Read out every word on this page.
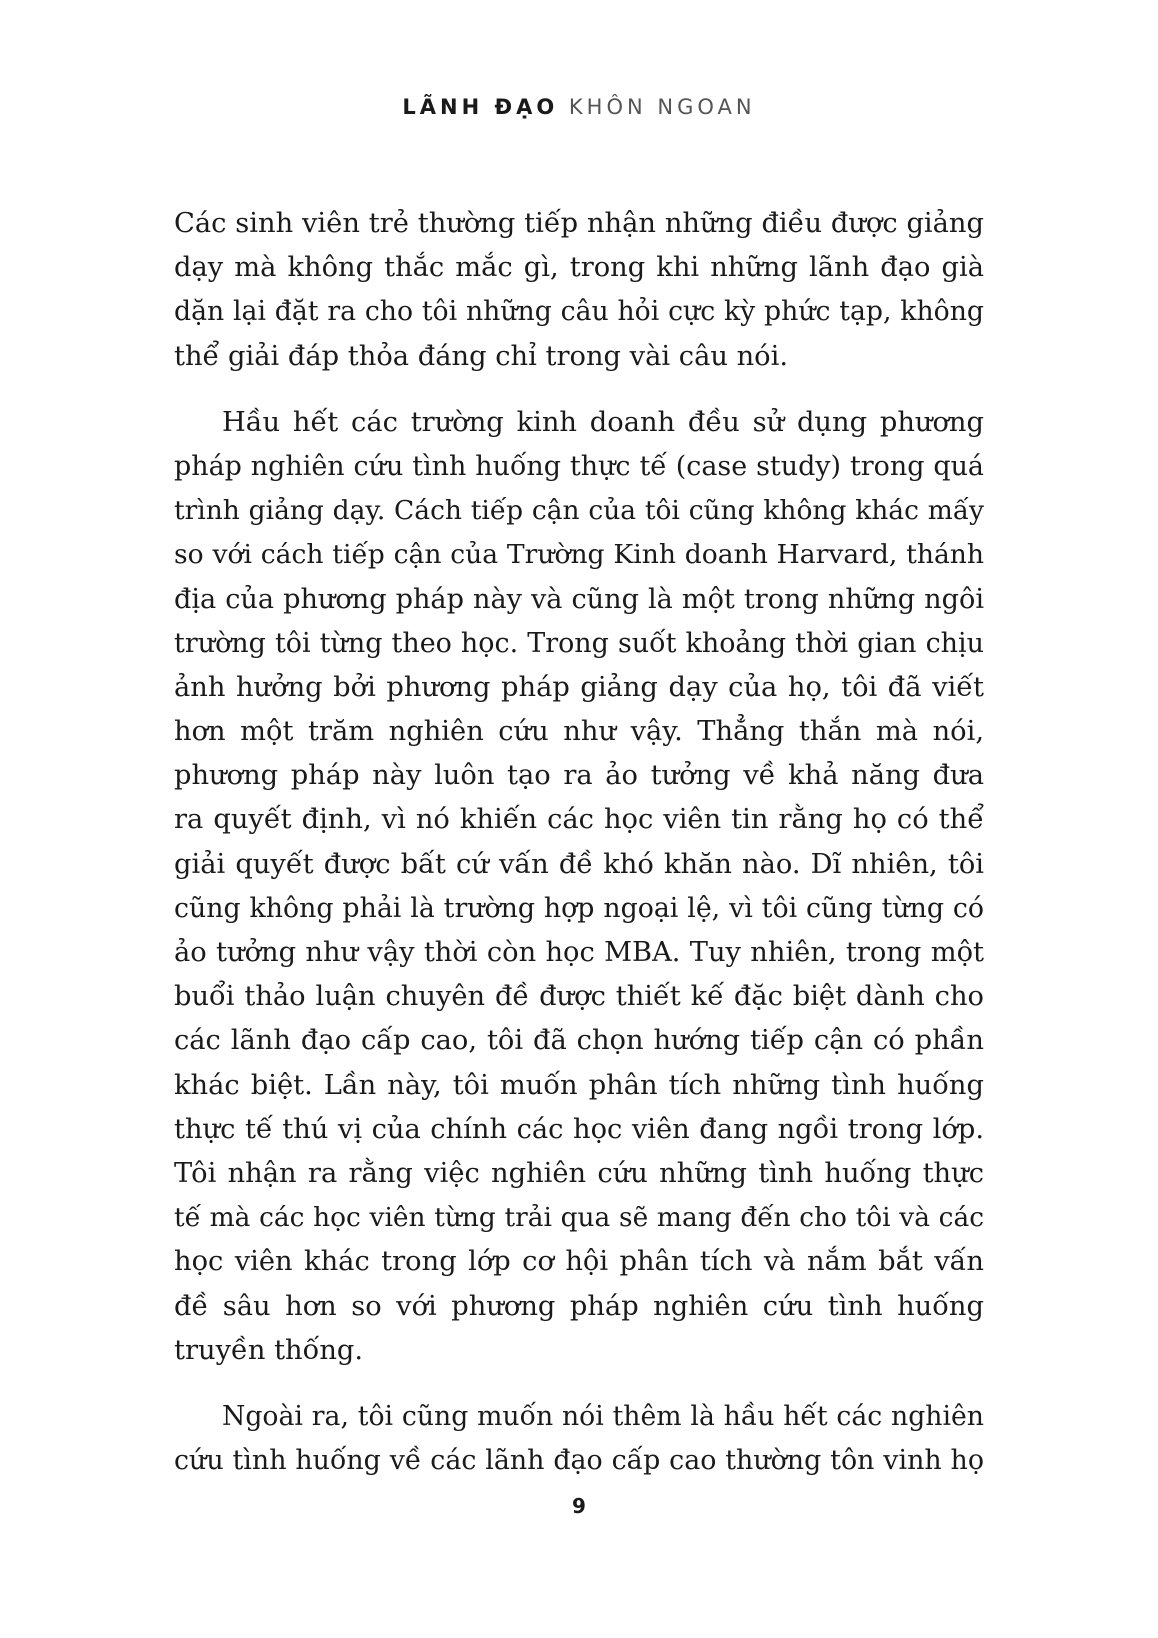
LÃNH ĐẠO KHÔN NGOAN
Các sinh viên trẻ thường tiếp nhận những điều được giảng
dạy mà không thắc mắc gì, trong khi những lãnh đạo già
dặn lại đặt ra cho tôi những câu hỏi cực kỳ phức tạp, không
thể giải đáp thỏa đáng chỉ trong vài câu nói.
Hầu hết các trường kinh doanh đều sử dụng phương
pháp nghiên cứu tình huống thực tế (case study) trong quá
trình giảng dạy. Cách tiếp cận của tôi cũng không khác mấy
so với cách tiếp cận của Trường Kinh doanh Harvard, thánh
địa của phương pháp này và cũng là một trong những ngôi
trường tôi từng theo học. Trong suốt khoảng thời gian chịu
ảnh hưởng bởi phương pháp giảng dạy của họ, tôi đã viết
hơn một trăm nghiên cứu như vậy. Thẳng thắn mà nói,
phương pháp này luôn tạo ra ảo tưởng về khả năng đưa
ra quyết định, vì nó khiến các học viên tin rằng họ có thể
giải quyết được bất cứ vấn đề khó khăn nào. Dĩ nhiên, tôi
cũng không phải là trường hợp ngoại lệ, vì tôi cũng từng có
ảo tưởng như vậy thời còn học MBA. Tuy nhiên, trong một
buổi thảo luận chuyên đề được thiết kế đặc biệt dành cho
các lãnh đạo cấp cao, tôi đã chọn hướng tiếp cận có phần
khác biệt. Lần này, tôi muốn phân tích những tình huống
thực tế thú vị của chính các học viên đang ngồi trong lớp.
Tôi nhận ra rằng việc nghiên cứu những tình huống thực
tế mà các học viên từng trải qua sẽ mang đến cho tôi và các
học viên khác trong lớp cơ hội phân tích và nắm bắt vấn
đề sâu hơn so với phương pháp nghiên cứu tình huống
truyền thống.
Ngoài ra, tôi cũng muốn nói thêm là hầu hết các nghiên
cứu tình huống về các lãnh đạo cấp cao thường tôn vinh họ
9
